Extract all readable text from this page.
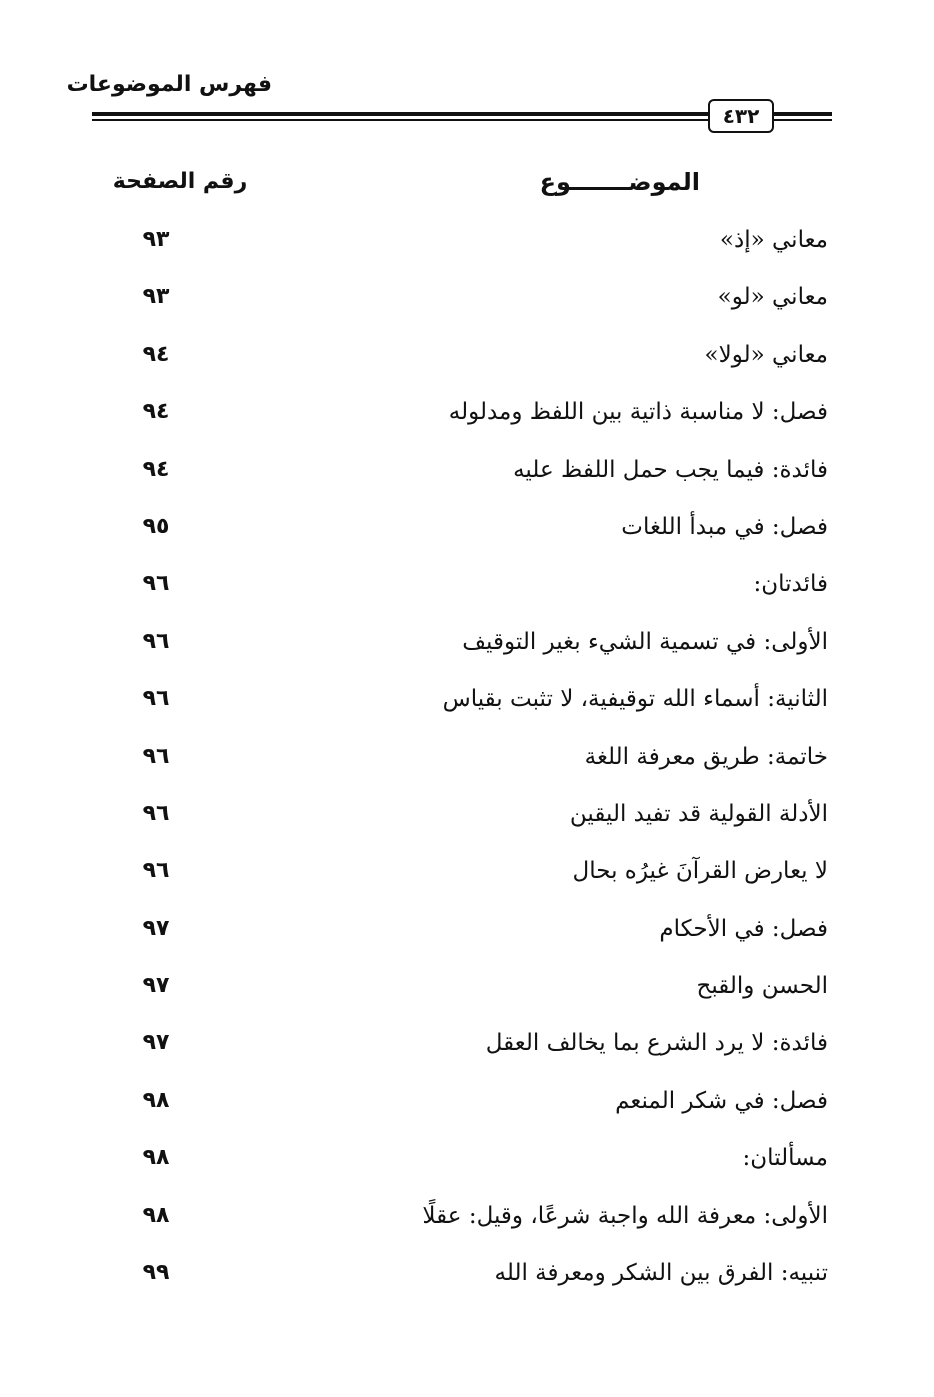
فهرس الموضوعات
٤٣٢
الموضـــــــوع
رقم الصفحة
معاني «إذ»
٩٣
معاني «لو»
٩٣
معاني «لولا»
٩٤
فصل: لا مناسبة ذاتية بين اللفظ ومدلوله
٩٤
فائدة: فيما يجب حمل اللفظ عليه
٩٤
فصل: في مبدأ اللغات
٩٥
فائدتان:
٩٦
الأولى: في تسمية الشيء بغير التوقيف
٩٦
الثانية: أسماء الله توقيفية، لا تثبت بقياس
٩٦
خاتمة: طريق معرفة اللغة
٩٦
الأدلة القولية قد تفيد اليقين
٩٦
لا يعارض القرآنَ غيرُه بحال
٩٦
فصل: في الأحكام
٩٧
الحسن والقبح
٩٧
فائدة: لا يرد الشرع بما يخالف العقل
٩٧
فصل: في شكر المنعم
٩٨
مسألتان:
٩٨
الأولى: معرفة الله واجبة شرعًا، وقيل: عقلًا
٩٨
تنبيه: الفرق بين الشكر ومعرفة الله
٩٩
